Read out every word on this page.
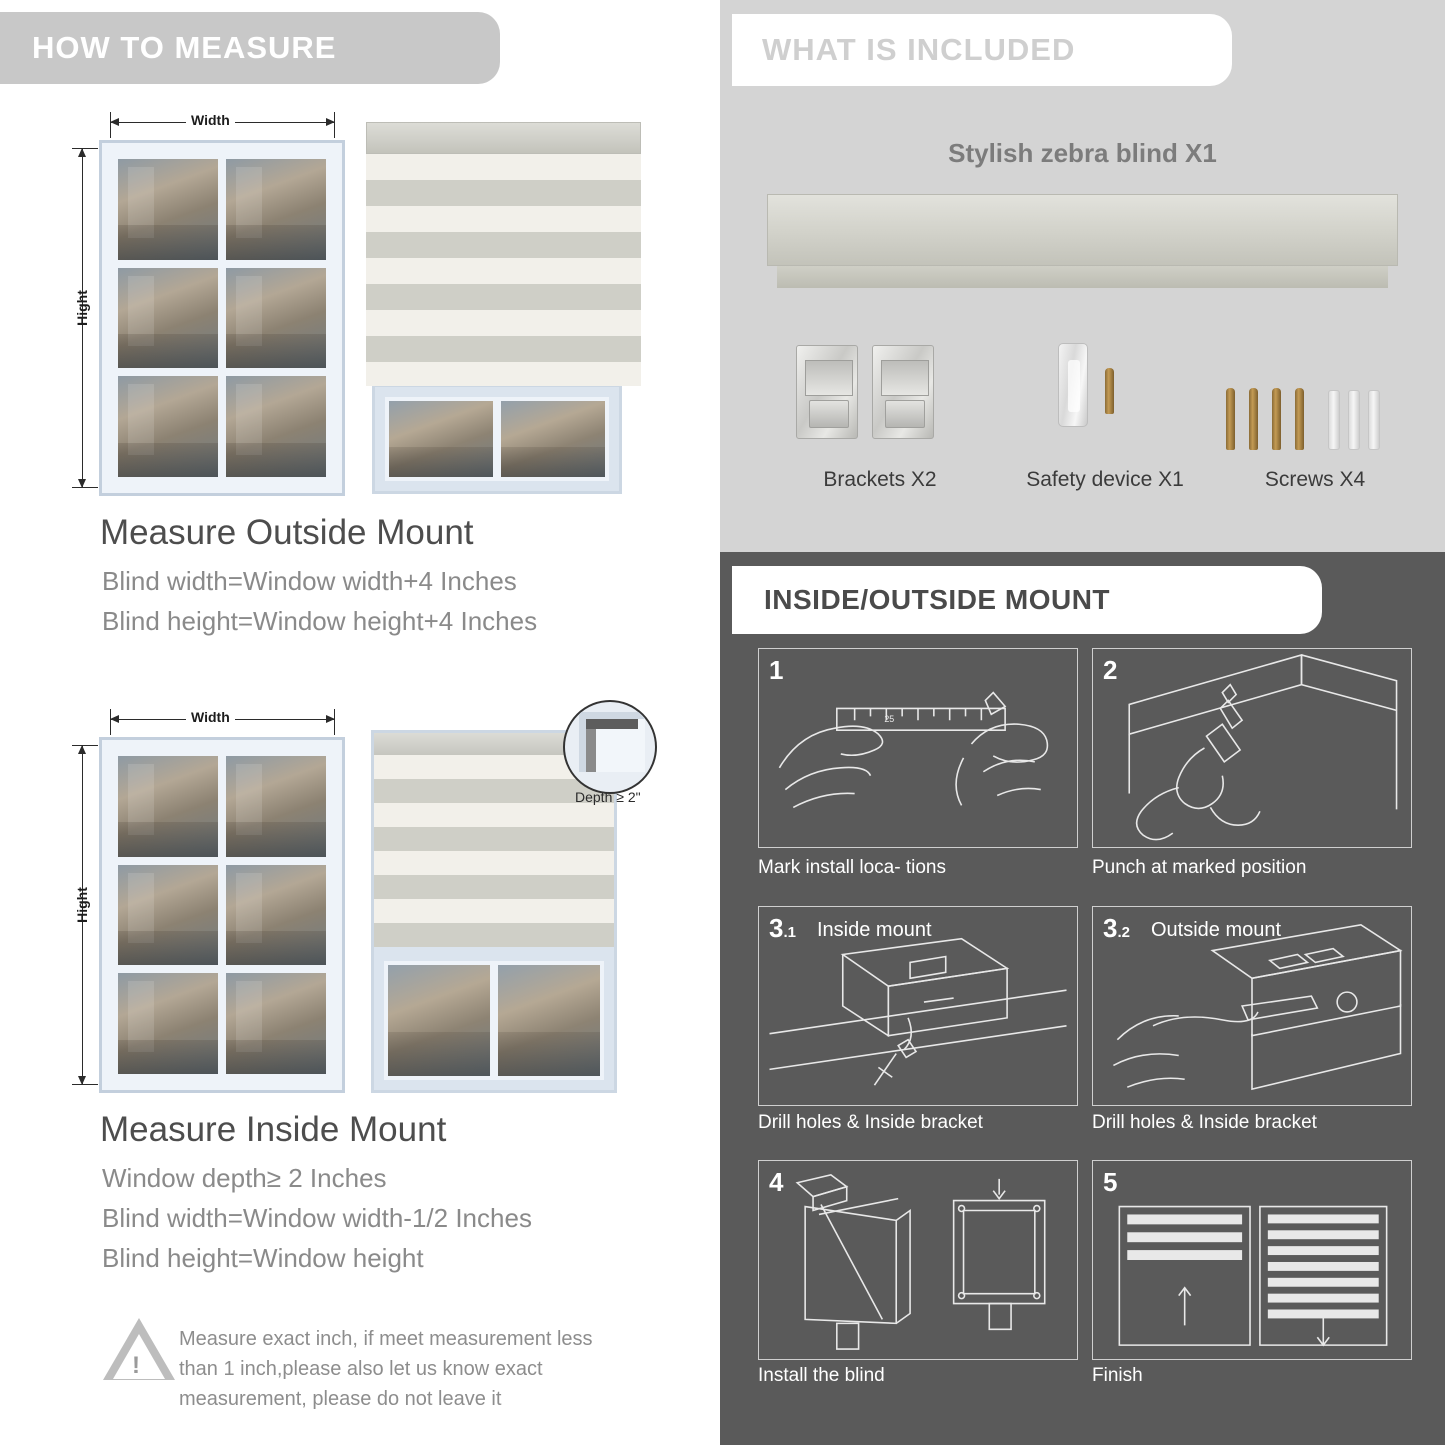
HOW TO MEASURE
Width
Hight
Measure Outside Mount
Blind width=Window width+4 Inches
Blind height=Window height+4 Inches
Width
Hight
Depth ≥ 2"
Measure Inside Mount
Window depth≥ 2 Inches
Blind width=Window width-1/2 Inches
Blind height=Window height
!
Measure exact inch, if meet measurement less than 1 inch,please also let us know exact measurement, please do not leave it
WHAT IS INCLUDED
Stylish zebra blind X1
Brackets X2	Safety device X1	Screws X4
INSIDE/OUTSIDE MOUNT
1
25
Mark install loca- tions
2
Punch at marked position
3.1 Inside mount
Drill holes & Inside bracket
3.2 Outside mount
Drill holes & Inside bracket
4
Install the blind
5
Finish
